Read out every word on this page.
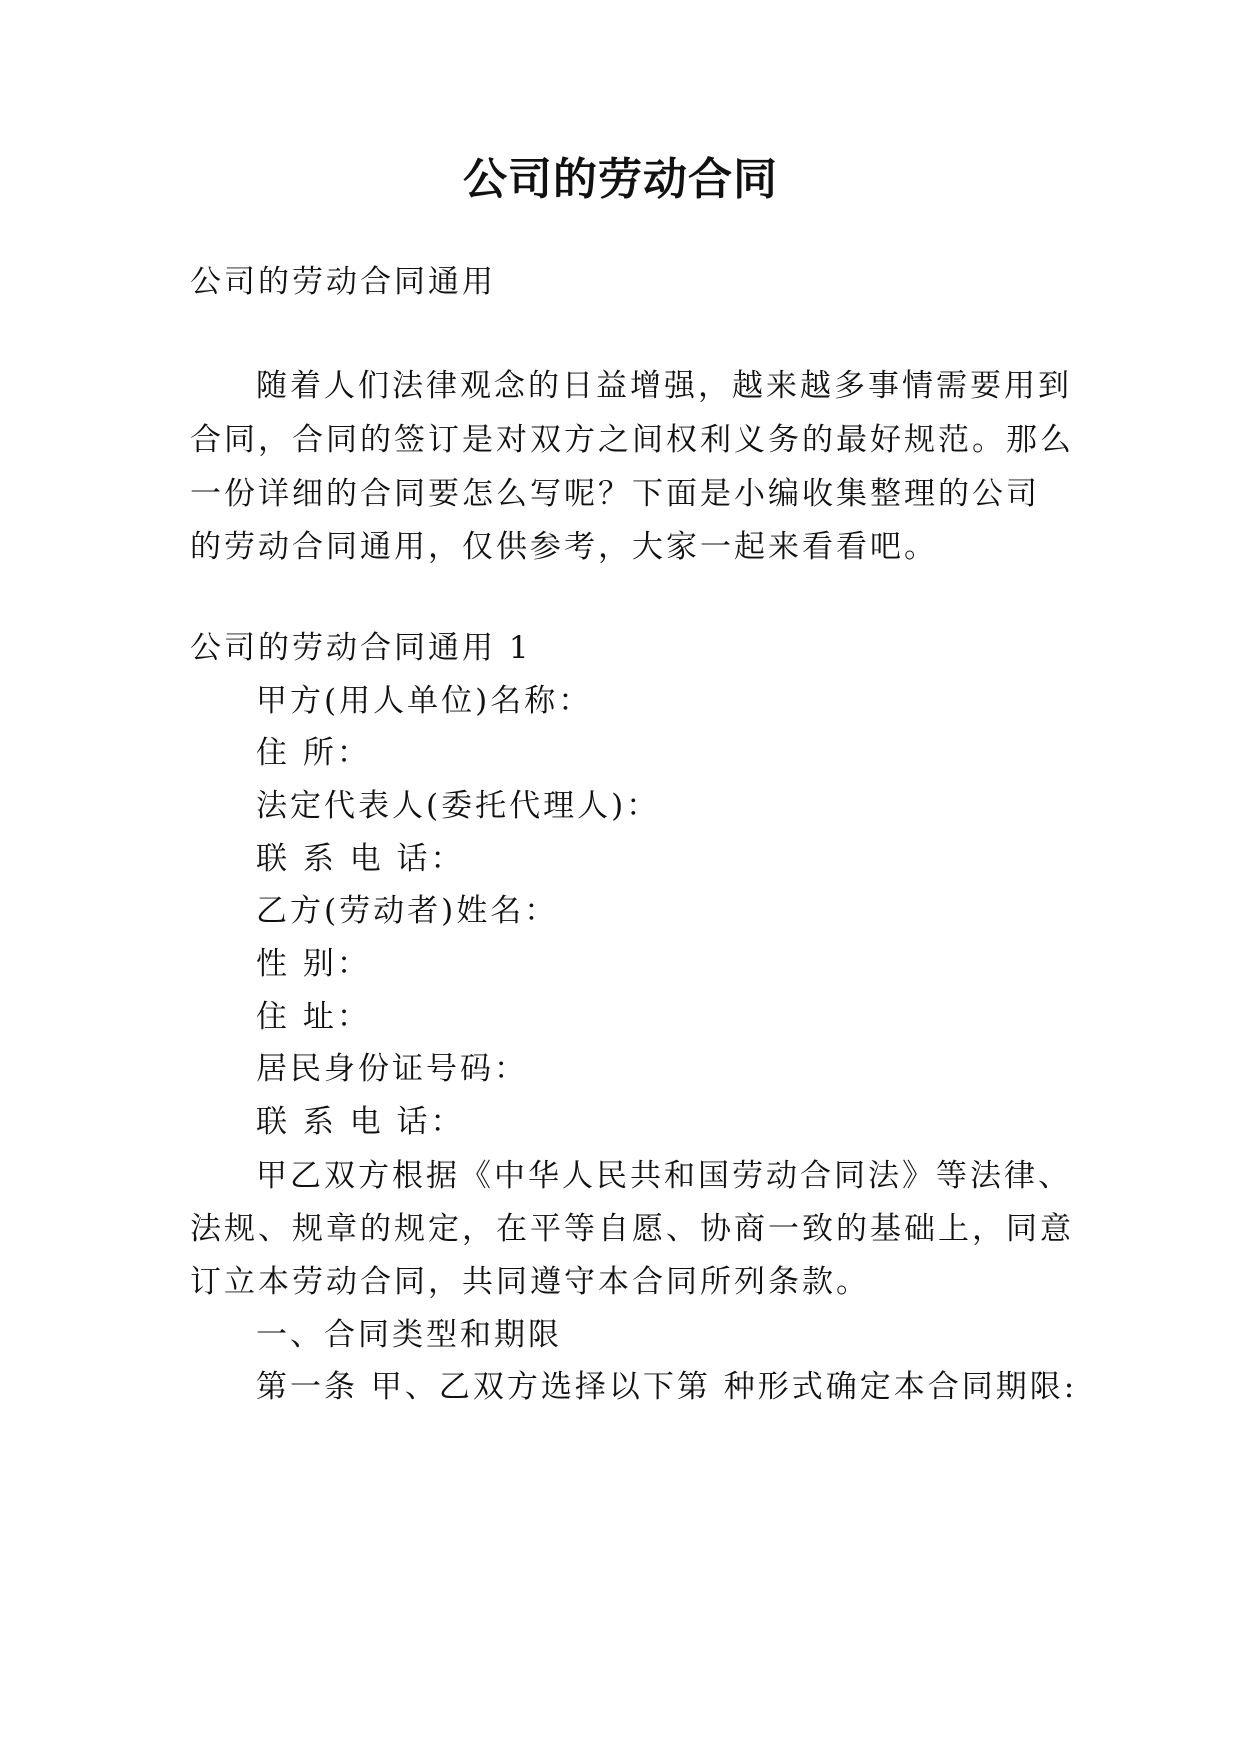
公司的劳动合同

公司的劳动合同通用

随着人们法律观念的日益增强，越来越多事情需要用到

合同，合同的签订是对双方之间权利义务的最好规范。那么

一份详细的合同要怎么写呢？下面是小编收集整理的公司

的劳动合同通用，仅供参考，大家一起来看看吧。

公司的劳动合同通用 1

甲方(用人单位)名称：

住 所：

法定代表人(委托代理人)：

联 系 电 话：

乙方(劳动者)姓名：

性 别：

住 址：

居民身份证号码：

联 系 电 话：

甲乙双方根据《中华人民共和国劳动合同法》等法律、

法规、规章的规定，在平等自愿、协商一致的基础上，同意

订立本劳动合同，共同遵守本合同所列条款。

一、合同类型和期限

第一条 甲、乙双方选择以下第 种形式确定本合同期限:
